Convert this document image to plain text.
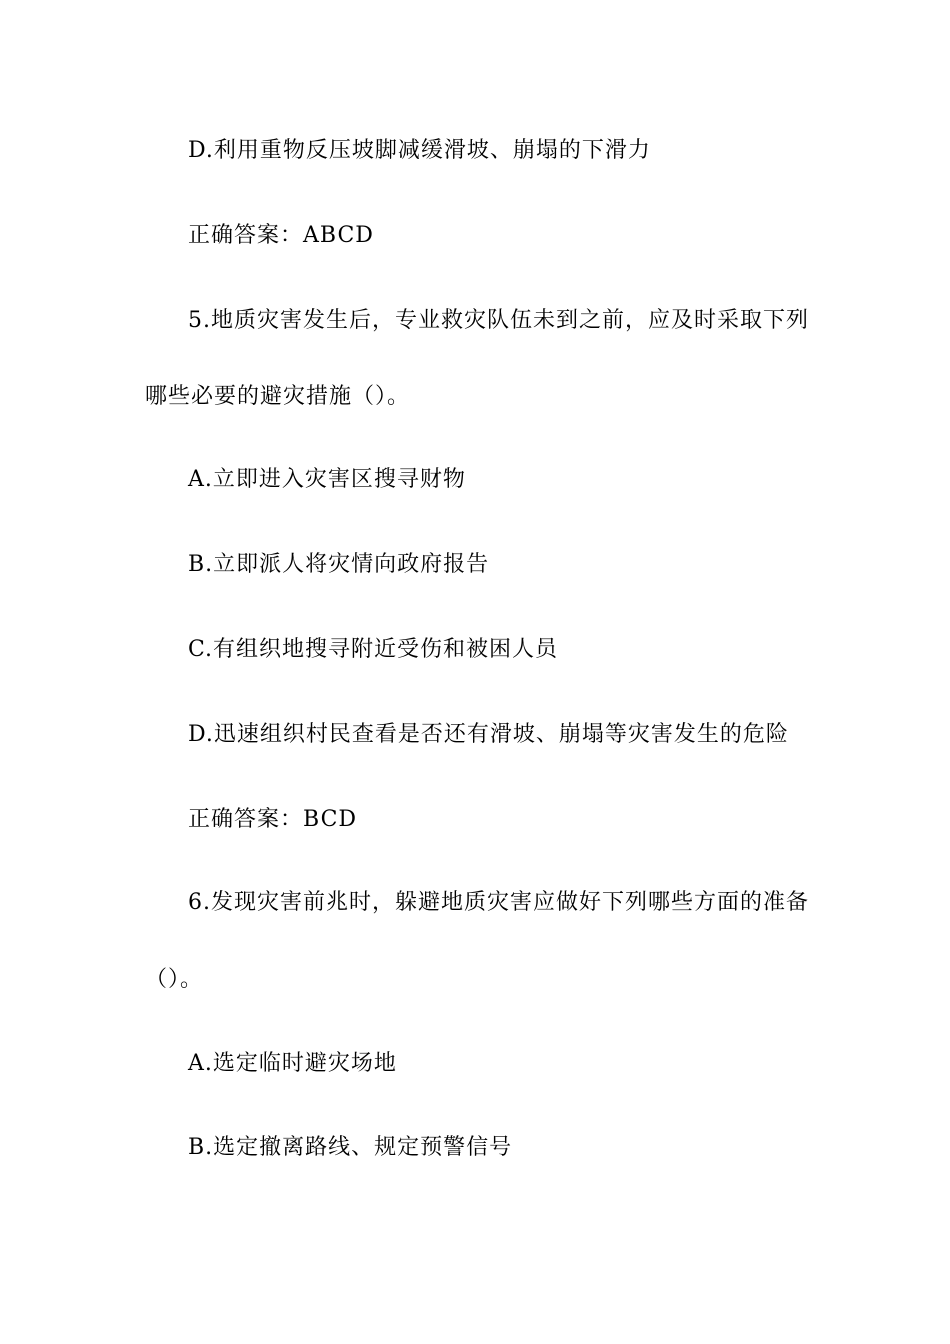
D.利用重物反压坡脚减缓滑坡、崩塌的下滑力
正确答案：ABCD
5.地质灾害发生后，专业救灾队伍未到之前，应及时采取下列
哪些必要的避灾措施（）。
A.立即进入灾害区搜寻财物
B.立即派人将灾情向政府报告
C.有组织地搜寻附近受伤和被困人员
D.迅速组织村民查看是否还有滑坡、崩塌等灾害发生的危险
正确答案：BCD
6.发现灾害前兆时，躲避地质灾害应做好下列哪些方面的准备
（）。
A.选定临时避灾场地
B.选定撤离路线、规定预警信号
